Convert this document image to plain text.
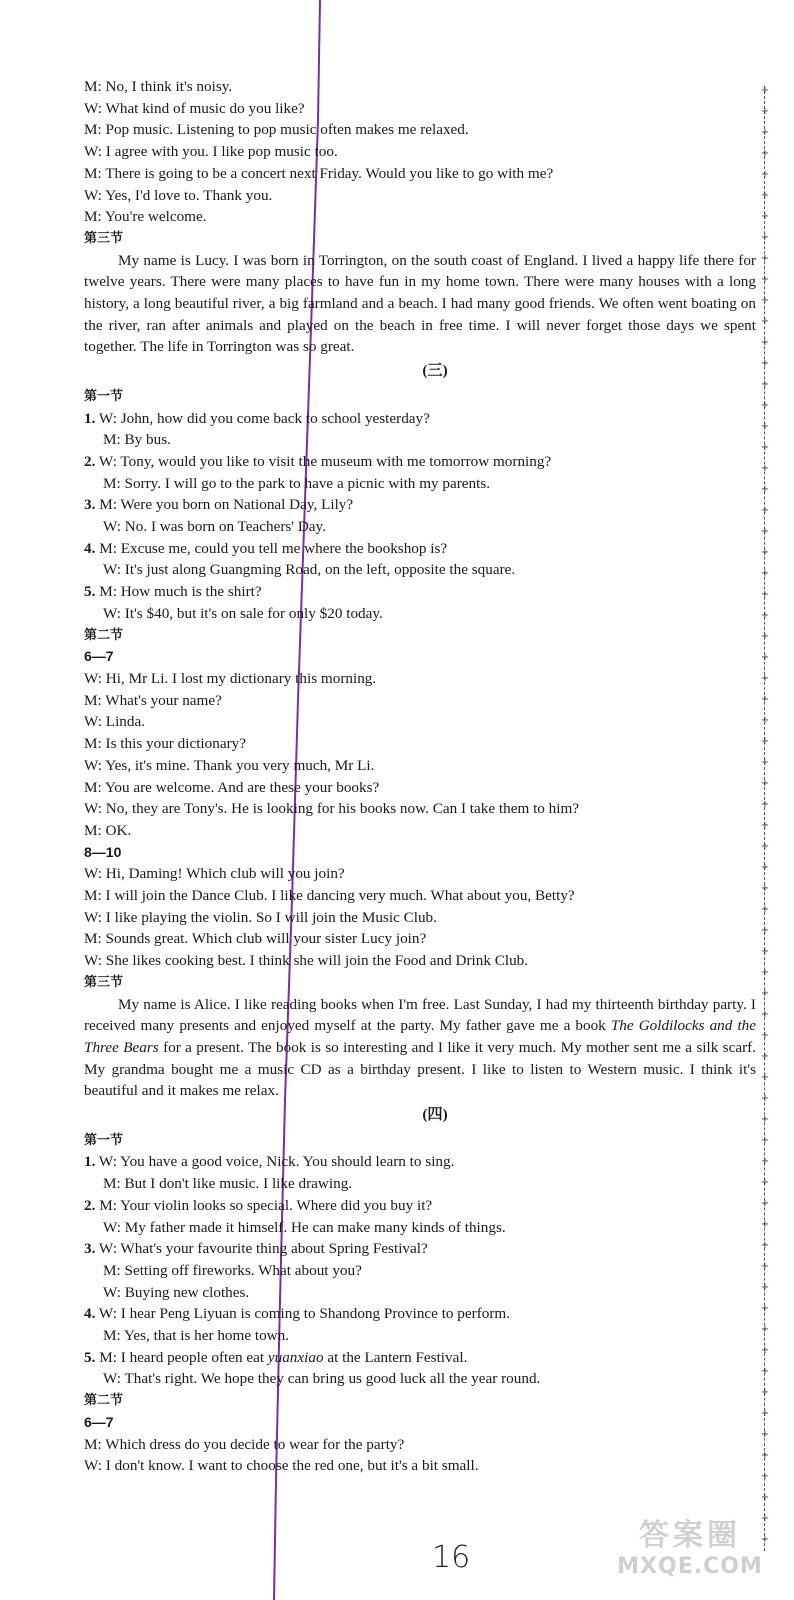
+
+
+
+
+
+
+
+
+
+
+
+
+
+
+
+
+
+
+
+
+
+
+
+
+
+
+
+
+
+
+
+
+
+
+
+
+
+
+
+
+
+
+
+
+
+
+
+
+
+
+
+
+
+
+
+
+
+
+
+
+
+
+
+
+
+
+
+
+
+
M: No, I think it's noisy.
W: What kind of music do you like?
M: Pop music. Listening to pop music often makes me relaxed.
W: I agree with you. I like pop music too.
M: There is going to be a concert next Friday. Would you like to go with me?
W: Yes, I'd love to. Thank you.
M: You're welcome.
第三节
My name is Lucy. I was born in Torrington, on the south coast of England. I lived a happy life there for twelve years. There were many places to have fun in my home town. There were many houses with a long history, a long beautiful river, a big farmland and a beach. I had many good friends. We often went boating on the river, ran after animals and played on the beach in free time. I will never forget those days we spent together. The life in Torrington was so great.
(三)
第一节
1. W: John, how did you come back to school yesterday?
M: By bus.
2. W: Tony, would you like to visit the museum with me tomorrow morning?
M: Sorry. I will go to the park to have a picnic with my parents.
3. M: Were you born on National Day, Lily?
W: No. I was born on Teachers' Day.
4. M: Excuse me, could you tell me where the bookshop is?
W: It's just along Guangming Road, on the left, opposite the square.
5. M: How much is the shirt?
W: It's $40, but it's on sale for only $20 today.
第二节
6—7
W: Hi, Mr Li. I lost my dictionary this morning.
M: What's your name?
W: Linda.
M: Is this your dictionary?
W: Yes, it's mine. Thank you very much, Mr Li.
M: You are welcome. And are these your books?
W: No, they are Tony's. He is looking for his books now. Can I take them to him?
M: OK.
8—10
W: Hi, Daming! Which club will you join?
M: I will join the Dance Club. I like dancing very much. What about you, Betty?
W: I like playing the violin. So I will join the Music Club.
M: Sounds great. Which club will your sister Lucy join?
W: She likes cooking best. I think she will join the Food and Drink Club.
第三节
My name is Alice. I like reading books when I'm free. Last Sunday, I had my thirteenth birthday party. I received many presents and enjoyed myself at the party. My father gave me a book The Goldilocks and the Three Bears for a present. The book is so interesting and I like it very much. My mother sent me a silk scarf. My grandma bought me a music CD as a birthday present. I like to listen to Western music. I think it's beautiful and it makes me relax.
(四)
第一节
1. W: You have a good voice, Nick. You should learn to sing.
M: But I don't like music. I like drawing.
2. M: Your violin looks so special. Where did you buy it?
W: My father made it himself. He can make many kinds of things.
3. W: What's your favourite thing about Spring Festival?
M: Setting off fireworks. What about you?
W: Buying new clothes.
4. W: I hear Peng Liyuan is coming to Shandong Province to perform.
M: Yes, that is her home town.
5. M: I heard people often eat yuanxiao at the Lantern Festival.
W: That's right. We hope they can bring us good luck all the year round.
第二节
6—7
M: Which dress do you decide to wear for the party?
W: I don't know. I want to choose the red one, but it's a bit small.
16
答案圈
MXQE.COM
